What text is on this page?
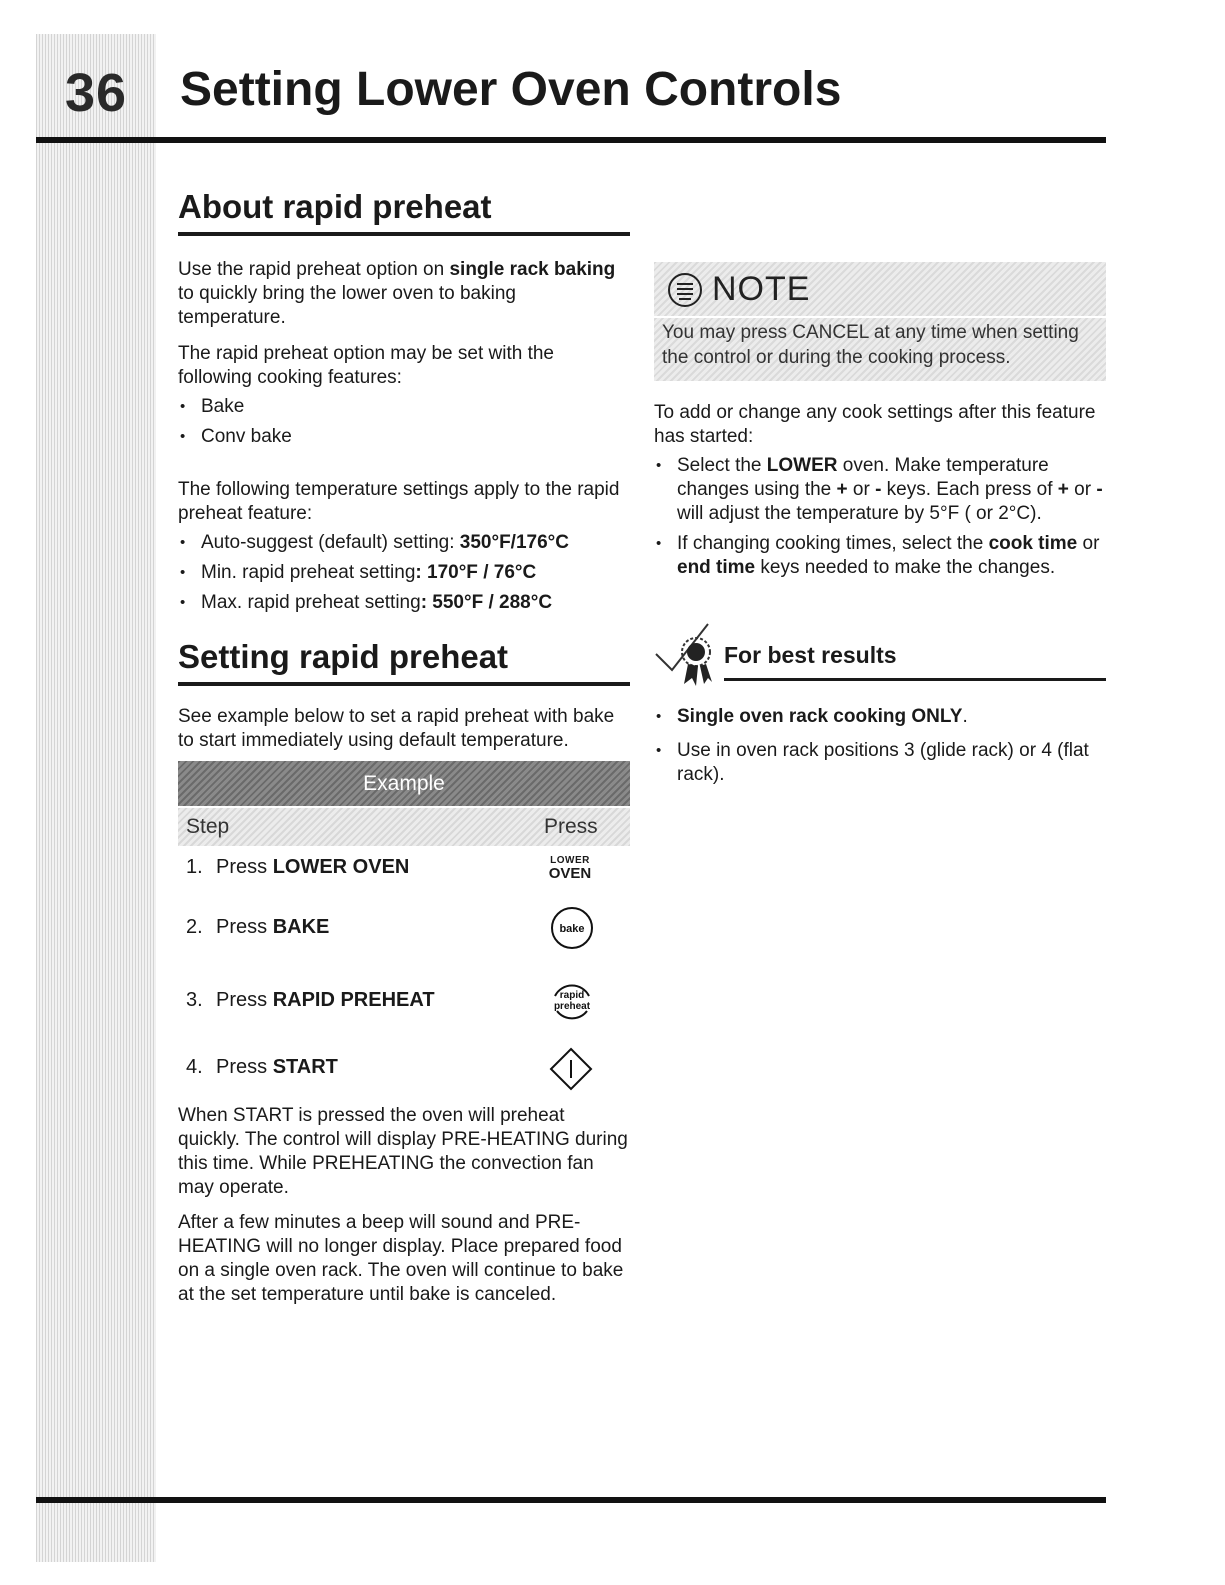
36	Setting Lower Oven Controls
About rapid preheat

Use the rapid preheat option on single rack baking to quickly bring the lower oven to baking temperature.

The rapid preheat option may be set with the following cooking features:

• Bake
• Conv bake

The following temperature settings apply to the rapid preheat feature:

• Auto-suggest (default) setting: 350°F/176°C
• Min. rapid preheat setting: 170°F / 76°C
• Max. rapid preheat setting: 550°F / 288°C
Setting rapid preheat

See example below to set a rapid preheat with bake to start immediately using default temperature.

Example
Step	Press
1. Press LOWER OVEN	LOWER
OVEN
2. Press BAKE	bake
3. Press RAPID PREHEAT	rapid
preheat
4. Press START

When START is pressed the oven will preheat quickly. The control will display PRE-HEATING during this time. While PREHEATING the convection fan may operate.

After a few minutes a beep will sound and PRE-HEATING will no longer display. Place prepared food on a single oven rack. The oven will continue to bake at the set temperature until bake is canceled.

NOTE
You may press CANCEL at any time when setting the control or during the cooking process.

To add or change any cook settings after this feature has started:

• Select the LOWER oven. Make temperature changes using the + or - keys. Each press of + or - will adjust the temperature by 5°F ( or 2°C).
• If changing cooking times, select the cook time or end time keys needed to make the changes.
For best results
• Single oven rack cooking ONLY.
• Use in oven rack positions 3 (glide rack) or 4 (flat rack).
